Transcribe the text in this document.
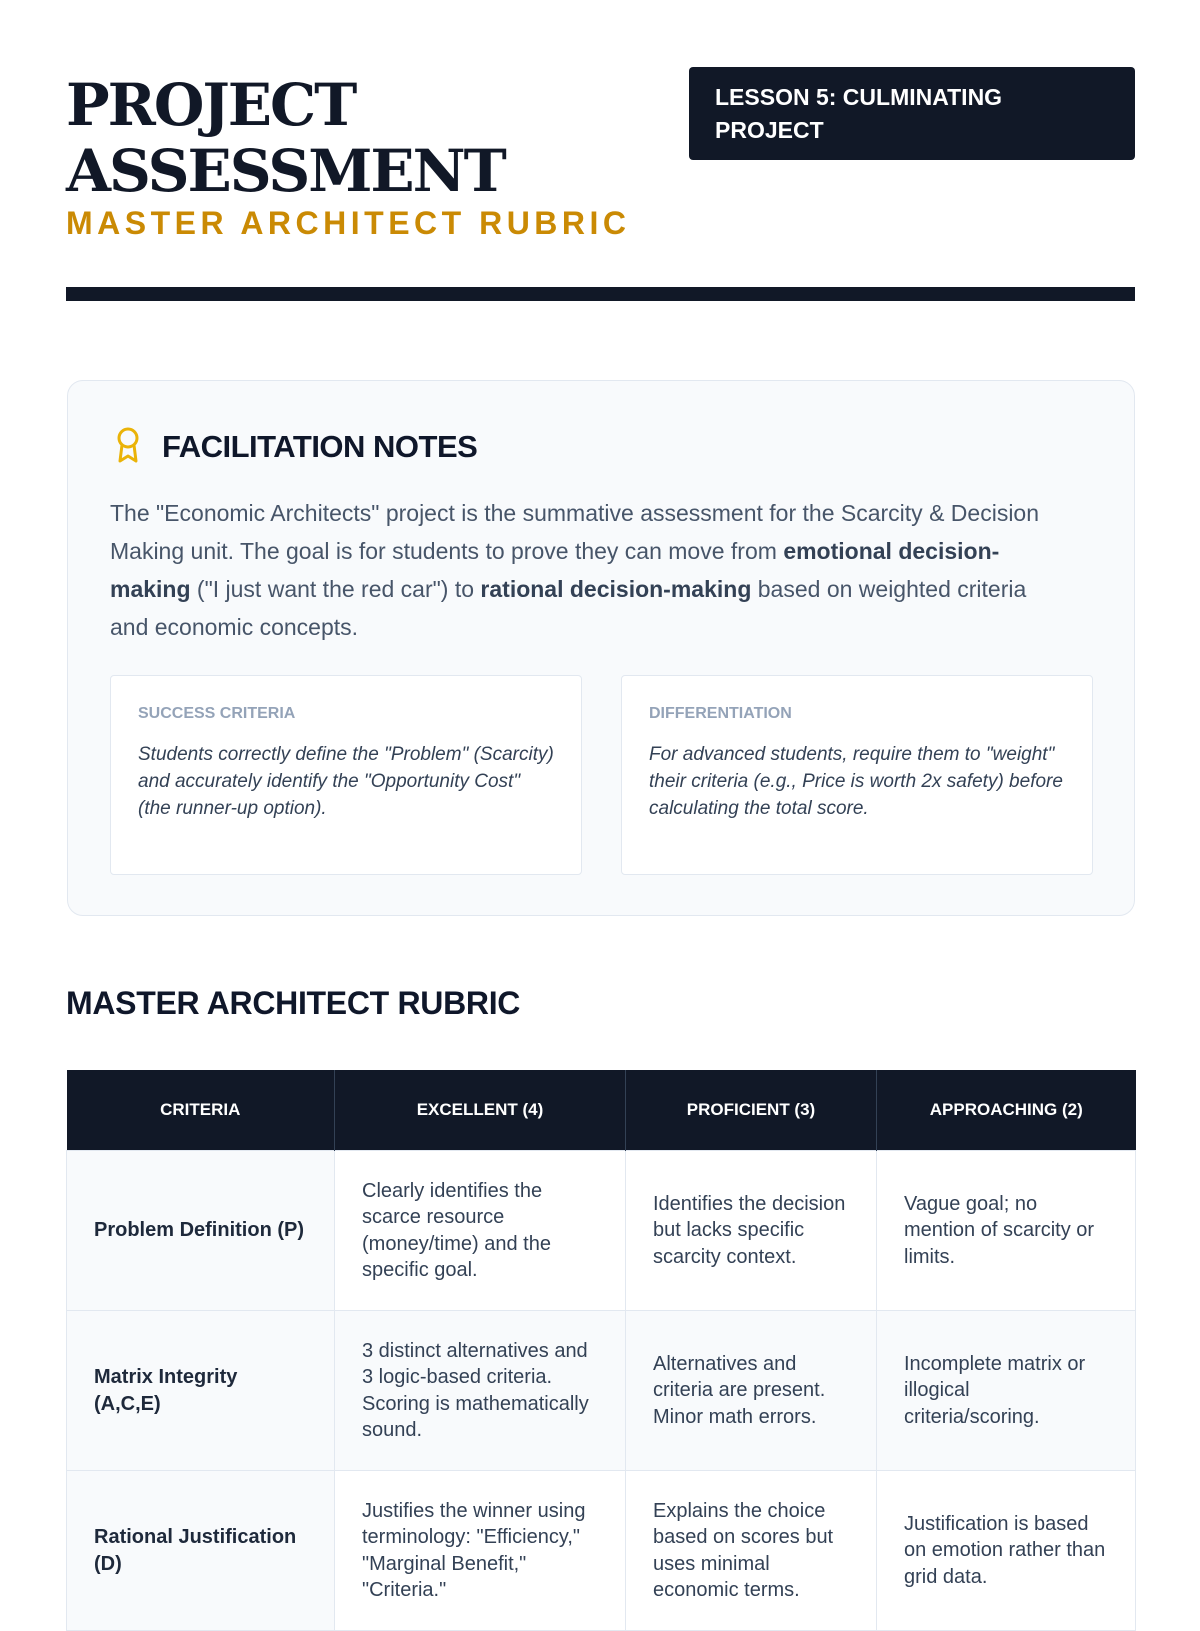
PROJECT
ASSESSMENT
MASTER ARCHITECT RUBRIC
LESSON 5: CULMINATING PROJECT
FACILITATION NOTES

The "Economic Architects" project is the summative assessment for the Scarcity & Decision Making unit. The goal is for students to prove they can move from emotional decision-making ("I just want the red car") to rational decision-making based on weighted criteria and economic concepts.

SUCCESS CRITERIA
Students correctly define the "Problem" (Scarcity) and accurately identify the "Opportunity Cost" (the runner-up option).
DIFFERENTIATION
For advanced students, require them to "weight" their criteria (e.g., Price is worth 2x safety) before calculating the total score.
MASTER ARCHITECT RUBRIC
CRITERIA	EXCELLENT (4)	PROFICIENT (3)	APPROACHING (2)
Problem Definition (P)	Clearly identifies the scarce resource (money/time) and the specific goal.	Identifies the decision but lacks specific scarcity context.	Vague goal; no mention of scarcity or limits.
Matrix Integrity (A,C,E)	3 distinct alternatives and 3 logic-based criteria. Scoring is mathematically sound.	Alternatives and criteria are present. Minor math errors.	Incomplete matrix or illogical criteria/scoring.
Rational Justification (D)	Justifies the winner using terminology: "Efficiency," "Marginal Benefit," "Criteria."	Explains the choice based on scores but uses minimal economic terms.	Justification is based on emotion rather than grid data.
